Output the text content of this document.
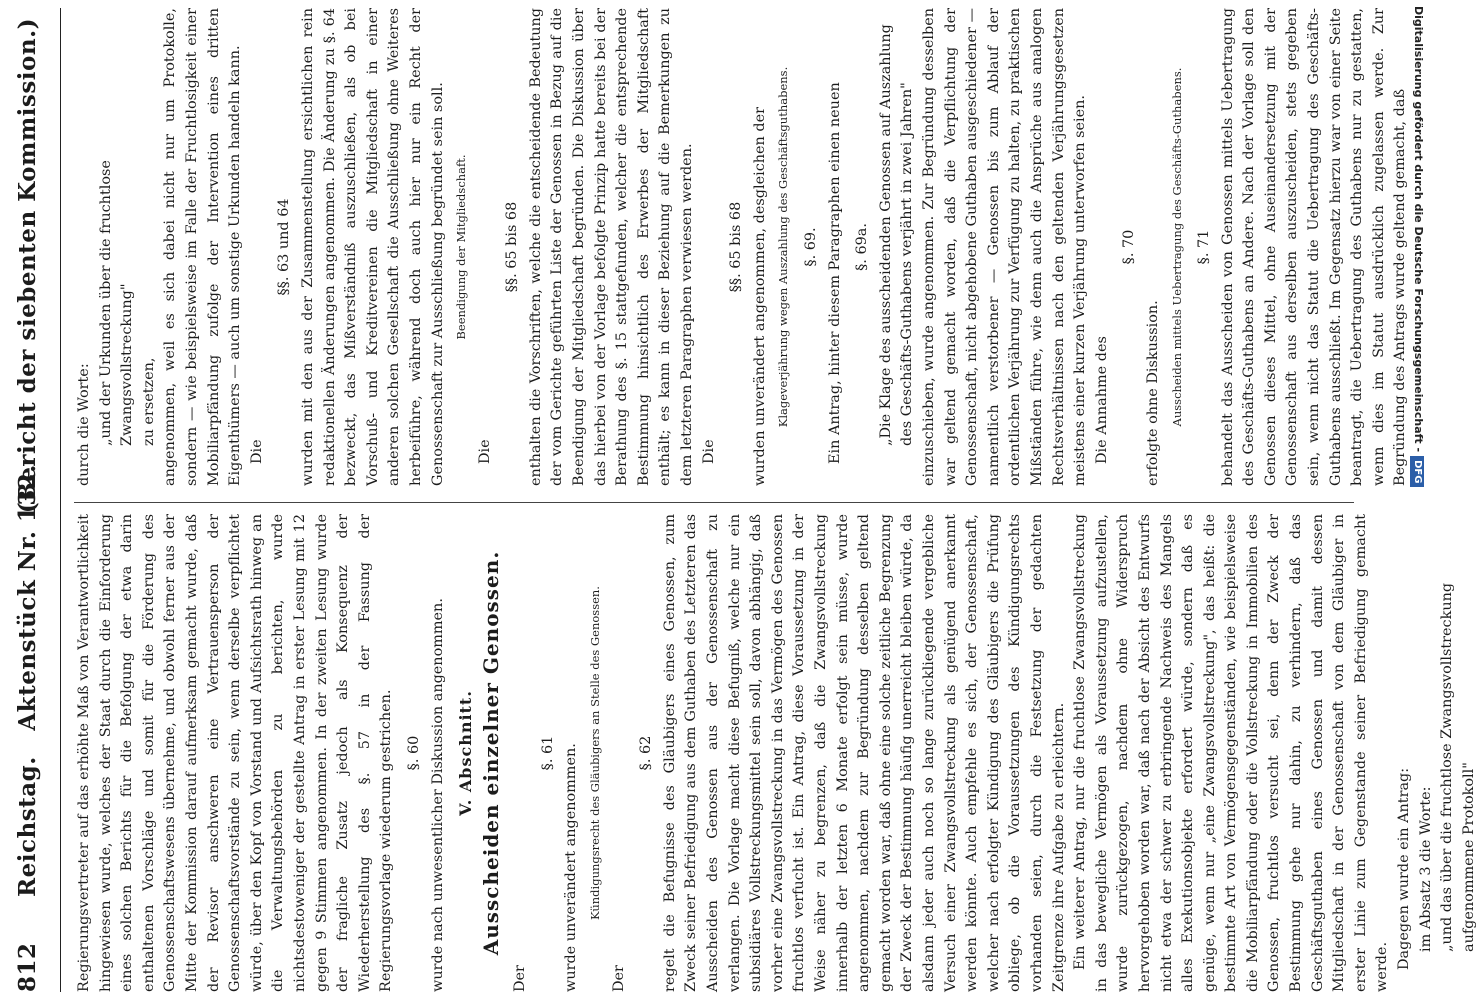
812
Reichstag.   Aktenstück Nr. 132.
(Bericht der siebenten Kommission.)

Regierungsvertreter auf das erhöhte Maß von Verantwortlichkeit hingewiesen wurde, welches der Staat durch die Einforderung eines solchen Berichts für die Befolgung der etwa darin enthaltenen Vorschläge und somit für die Förderung des Genossenschaftswesens übernehme, und obwohl ferner aus der Mitte der Kommission darauf aufmerksam gemacht wurde, daß der Revisor anschweren eine Vertrauensperson der Genossenschaftsvorstände zu sein, wenn derselbe verpflichtet würde, über den Kopf von Vorstand und Aufsichtsrath hinweg an die Verwaltungsbehörden zu berichten, wurde nichtsdestoweniger der gestellte Antrag in erster Lesung mit 12 gegen 9 Stimmen angenommen. In der zweiten Lesung wurde der fragliche Zusatz jedoch als Konsequenz der Wiederherstellung des §. 57 in der Fassung der Regierungsvorlage wiederum gestrichen. §. 60 wurde nach unwesentlicher Diskussion angenommen. V. Abschnitt. Ausscheiden einzelner Genossen.

Der

§. 61 wurde unverändert angenommen. Kündigungsrecht des Gläubigers an Stelle des Genossen.

Der

§. 62 regelt die Befugnisse des Gläubigers eines Genossen, zum Zweck seiner Befriedigung aus dem Guthaben des Letzteren das Ausscheiden des Genossen aus der Genossenschaft zu verlangen. Die Vorlage macht diese Befugniß, welche nur ein subsidiäres Vollstreckungsmittel sein soll, davon abhängig, daß vorher eine Zwangsvollstreckung in das Vermögen des Genossen fruchtlos verfucht ist. Ein Antrag, diese Voraussetzung in der Weise näher zu begrenzen, daß die Zwangsvollstreckung innerhalb der letzten 6 Monate erfolgt sein müsse, wurde angenommen, nachdem zur Begründung desselben geltend gemacht worden war, daß ohne eine solche zeitliche Begrenzung der Zweck der Bestimmung häufig unerreicht bleiben würde, da alsdann jeder auch noch so lange zurückliegende vergebliche Versuch einer Zwangsvollstreckung als genügend anerkannt werden könnte. Auch empfehle es sich, der Genossenschaft, welcher nach erfolgter Kündigung des Gläubigers die Prüfung obliege, ob die Voraussetzungen des Kündigungsrechts vorhanden seien, durch die Festsetzung der gedachten Zeitgrenze ihre Aufgabe zu erleichtern. Ein weiterer Antrag, nur die fruchtlose Zwangsvollstreckung in das bewegliche Vermögen als Voraussetzung aufzustellen, wurde zurückgezogen, nachdem ohne Widerspruch hervorgehoben worden war, daß nach der Absicht des Entwurfs nicht etwa der schwer zu erbringende Nachweis des Mangels alles Exekutionsobjekte erfordert würde, sondern daß es genüge, wenn nur „eine Zwangsvollstreckung", das heißt: die bestimmte Art von Vermögensgegenständen, wie beispielsweise die Mobiliarpfändung oder die Vollstreckung in Immobilien des Genossen, fruchtlos versucht sei, denn der Zweck der Bestimmung gehe nur dahin, zu verhindern, daß das Geschäftsguthaben eines Genossen und damit dessen Mitgliedschaft in der Genossenschaft von dem Gläubiger in erster Linie zum Gegenstande seiner Befriedigung gemacht werde. Dagegen wurde ein Antrag: im Absatz 3 die Worte: „und das über die fruchtlose Zwangsvollstreckung aufgenommene Protokoll"

durch die Worte: „und der Urkunden über die fruchtlose Zwangsvollstreckung" zu ersetzen, angenommen, weil es sich dabei nicht nur um Protokolle, sondern — wie beispielsweise im Falle der Fruchtlosigkeit einer Mobiliarpfändung zufolge der Intervention eines dritten Eigenthümers — auch um sonstige Urkunden handeln kann. Die

§§. 63 und 64 wurden mit den aus der Zusammenstellung ersichtlichen rein redaktionellen Änderungen angenommen. Die Änderung zu §. 64 bezweckt, das Mißverständniß auszuschließen, als ob bei Vorschuß- und Kreditvereinen die Mitgliedschaft in einer anderen solchen Gesellschaft die Ausschließung ohne Weiteres herbeiführe, während doch auch hier nur ein Recht der Genossenschaft zur Ausschließung begründet sein soll. Beendigung der Mitgliedschaft.

Die

§§. 65 bis 68 enthalten die Vorschriften, welche die entscheidende Bedeutung der vom Gerichte geführten Liste der Genossen in Bezug auf die Beendigung der Mitgliedschaft begründen. Die Diskussion über das hierbei von der Vorlage befolgte Prinzip hatte bereits bei der Berathung des §. 15 stattgefunden, welcher die entsprechende Bestimmung hinsichtlich des Erwerbes der Mitgliedschaft enthält; es kann in dieser Beziehung auf die Bemerkungen zu dem letzteren Paragraphen verwiesen werden. Die

§§. 65 bis 68 wurden unverändert angenommen, desgleichen der Klageverjährung wegen Auszahlung des Geschäftsguthabens. §. 69. Ein Antrag, hinter diesem Paragraphen einen neuen §. 69a. „Die Klage des ausscheidenden Genossen auf Auszahlung des Geschäfts-Guthabens verjährt in zwei Jahren" einzuschieben, wurde angenommen. Zur Begründung desselben war geltend gemacht worden, daß die Verpflichtung der Genossenschaft, nicht abgehobene Guthaben ausgeschiedener — namentlich verstorbener — Genossen bis zum Ablauf der ordentlichen Verjährung zur Verfügung zu halten, zu praktischen Mißständen führe, wie denn auch die Ansprüche aus analogen Rechtsverhältnissen nach den geltenden Verjährungsgesetzen meistens einer kurzen Verjährung unterworfen seien. Die Annahme des

§. 70

erfolgte ohne Diskussion. Ausscheiden mittels Uebertragung des Geschäfts-Guthabens. §. 71 behandelt das Ausscheiden von Genossen mittels Uebertragung des Geschäfts-Guthabens an Andere. Nach der Vorlage soll den Genossen dieses Mittel, ohne Auseinandersetzung mit der Genossenschaft aus derselben auszuscheiden, stets gegeben sein, wenn nicht das Statut die Uebertragung des Geschäfts-Guthabens ausschließt. Im Gegensatz hierzu war von einer Seite beantragt, die Uebertragung des Guthabens nur zu gestatten, wenn dies im Statut ausdrücklich zugelassen werde. Zur Begründung des Antrags wurde geltend gemacht, daß Digitalisierung gefördert durch die Deutsche Forschungsgemeinschaft -DFG
